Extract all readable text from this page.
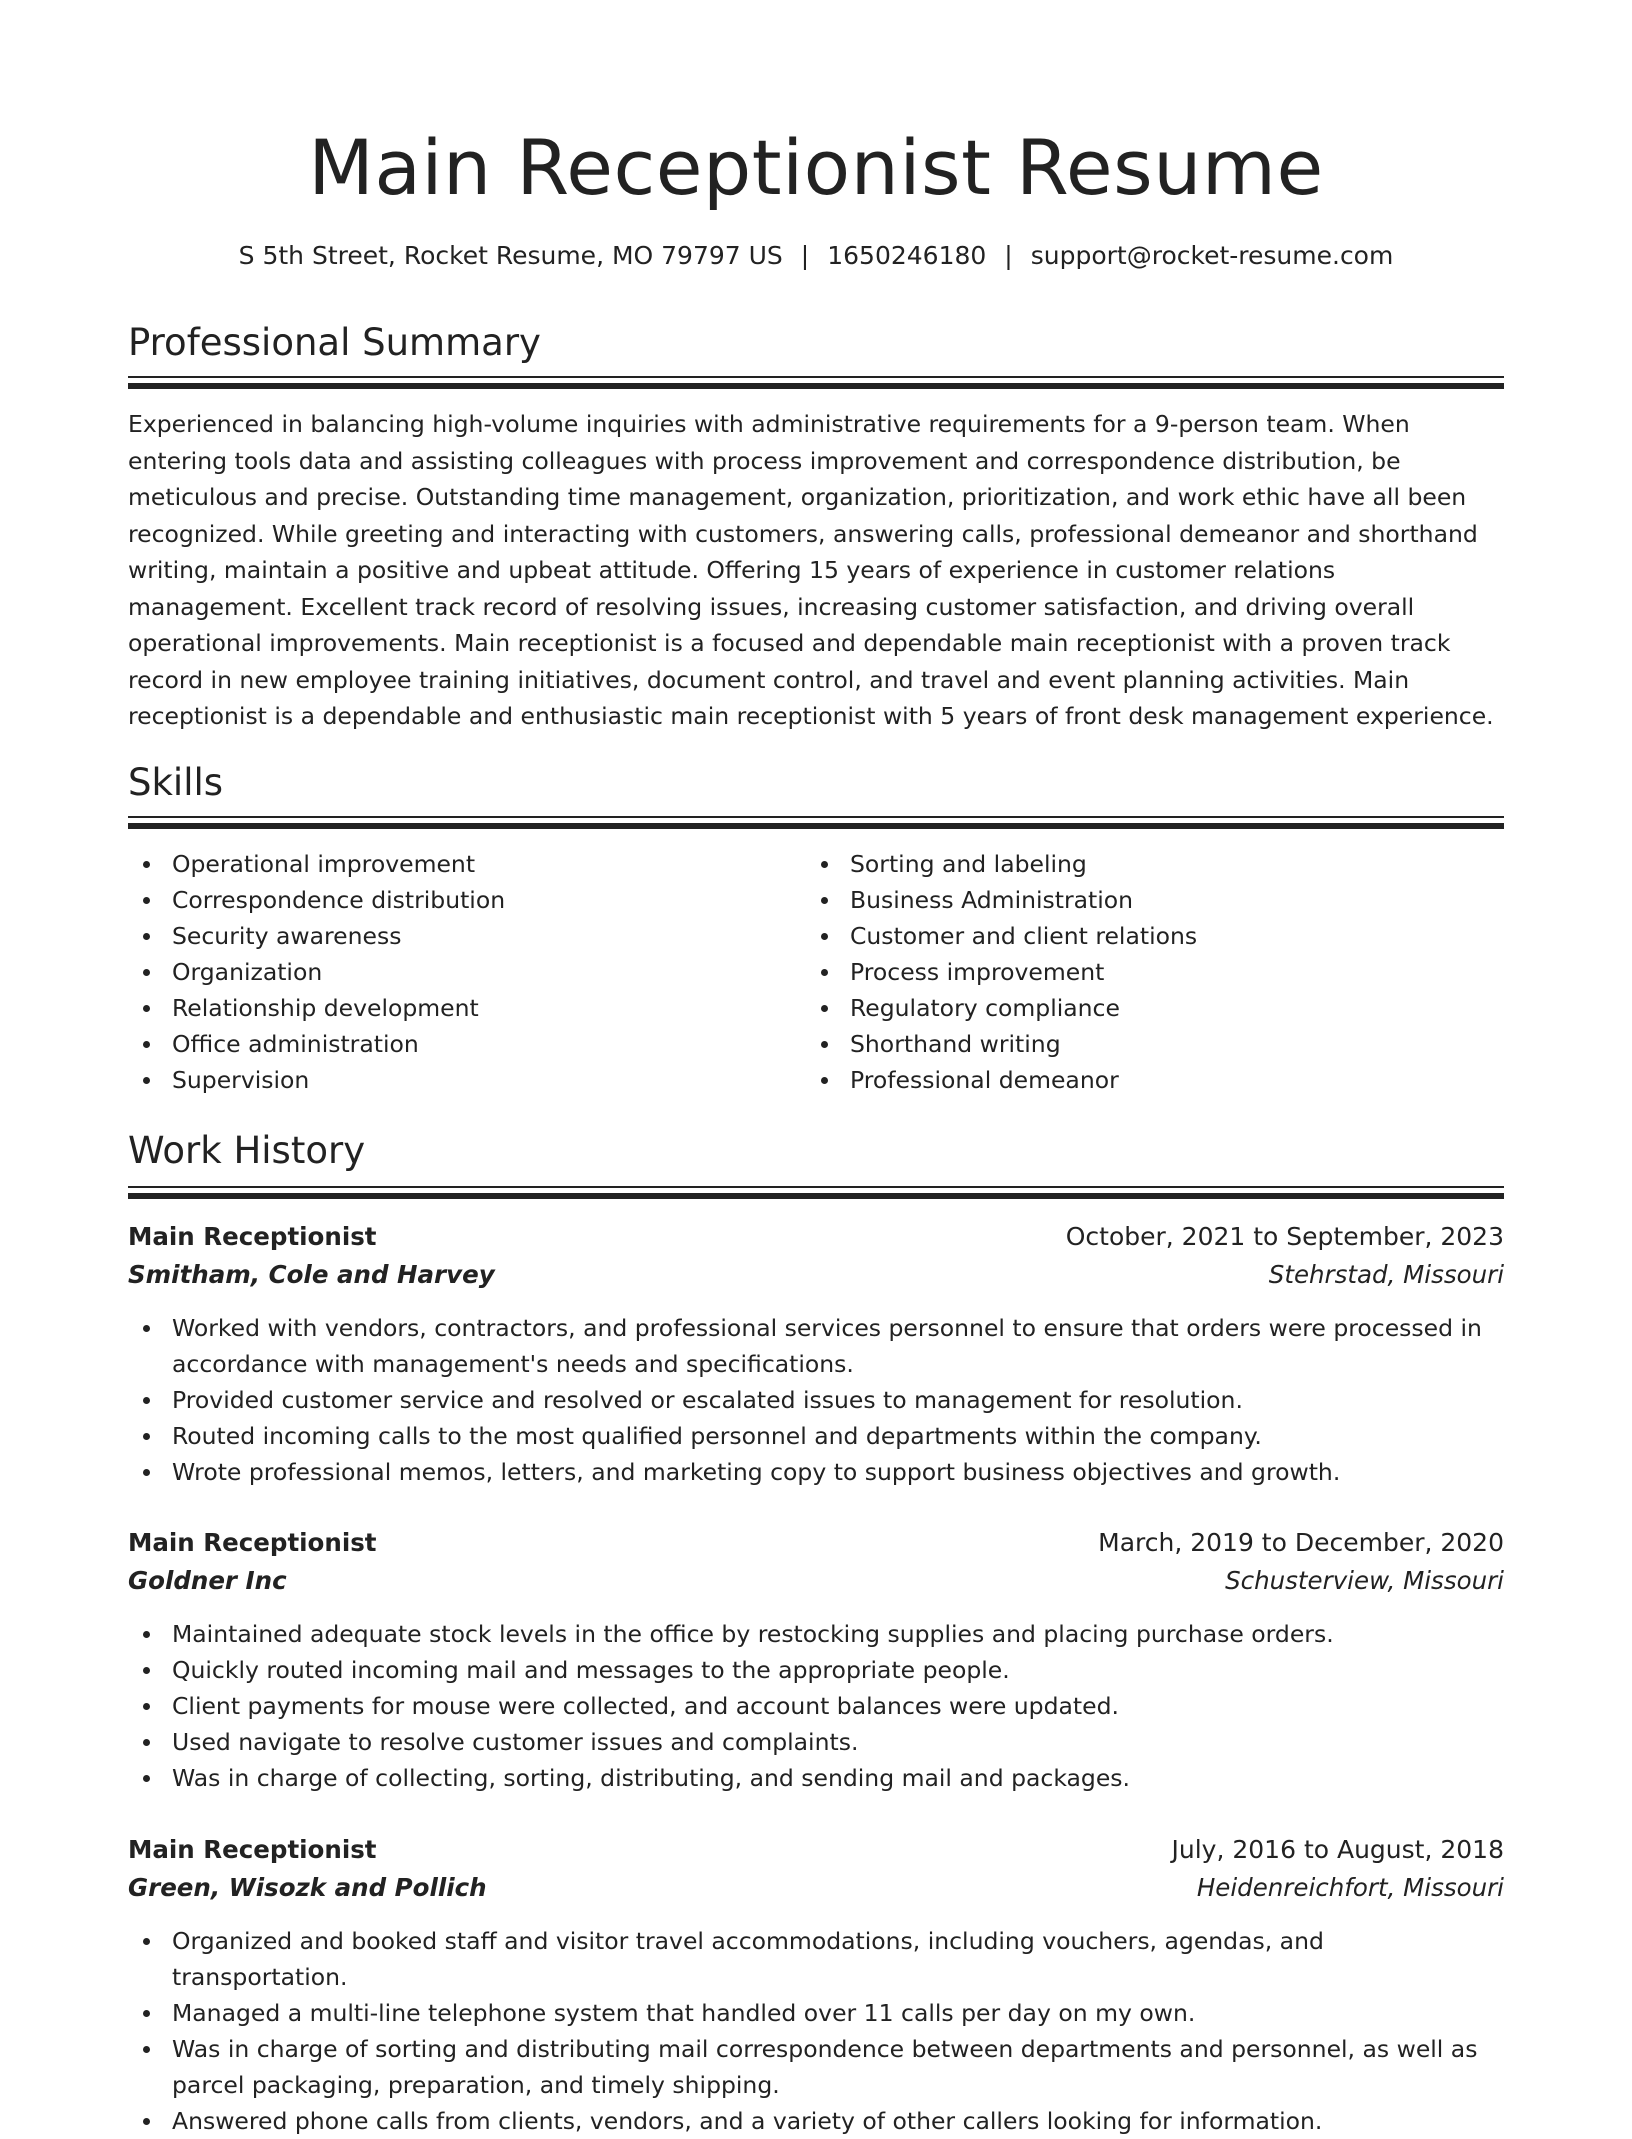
Main Receptionist Resume
S 5th Street, Rocket Resume, MO 79797 US | 1650246180 | support@rocket-resume.com
Professional Summary

Experienced in balancing high-volume inquiries with administrative requirements for a 9-person team. When entering tools data and assisting colleagues with process improvement and correspondence distribution, be meticulous and precise. Outstanding time management, organization, prioritization, and work ethic have all been recognized. While greeting and interacting with customers, answering calls, professional demeanor and shorthand writing, maintain a positive and upbeat attitude. Offering 15 years of experience in customer relations management. Excellent track record of resolving issues, increasing customer satisfaction, and driving overall operational improvements. Main receptionist is a focused and dependable main receptionist with a proven track record in new employee training initiatives, document control, and travel and event planning activities. Main receptionist is a dependable and enthusiastic main receptionist with 5 years of front desk management experience.

Skills
Operational improvement
Correspondence distribution
Security awareness
Organization
Relationship development
Office administration
Supervision
Sorting and labeling
Business Administration
Customer and client relations
Process improvement
Regulatory compliance
Shorthand writing
Professional demeanor
Work History
Main Receptionist	October, 2021 to September, 2023
Smitham, Cole and Harvey	Stehrstad, Missouri
Worked with vendors, contractors, and professional services personnel to ensure that orders were processed in accordance with management's needs and specifications.
Provided customer service and resolved or escalated issues to management for resolution.
Routed incoming calls to the most qualified personnel and departments within the company.
Wrote professional memos, letters, and marketing copy to support business objectives and growth.
Main Receptionist	March, 2019 to December, 2020
Goldner Inc	Schusterview, Missouri
Maintained adequate stock levels in the office by restocking supplies and placing purchase orders.
Quickly routed incoming mail and messages to the appropriate people.
Client payments for mouse were collected, and account balances were updated.
Used navigate to resolve customer issues and complaints.
Was in charge of collecting, sorting, distributing, and sending mail and packages.
Main Receptionist	July, 2016 to August, 2018
Green, Wisozk and Pollich	Heidenreichfort, Missouri
Organized and booked staff and visitor travel accommodations, including vouchers, agendas, and transportation.
Managed a multi-line telephone system that handled over 11 calls per day on my own.
Was in charge of sorting and distributing mail correspondence between departments and personnel, as well as parcel packaging, preparation, and timely shipping.
Answered phone calls from clients, vendors, and a variety of other callers looking for information.
